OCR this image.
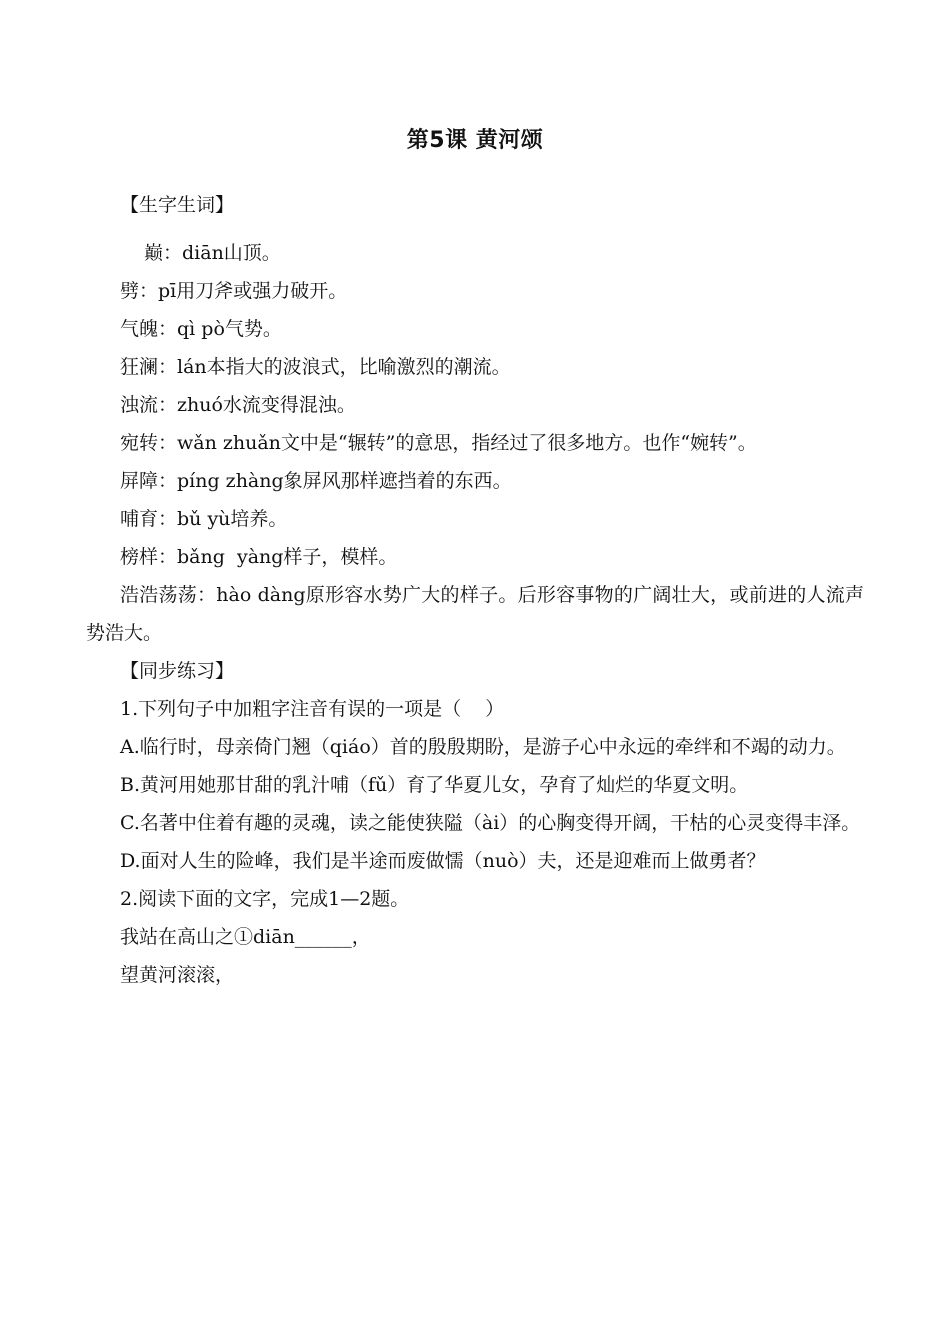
第5课 黄河颂

【生字生词】

巅：diān山顶。

劈：pī用刀斧或强力破开。

气魄：qì pò气势。

狂澜：lán本指大的波浪式，比喻激烈的潮流。

浊流：zhuó水流变得混浊。

宛转：wǎn zhuǎn文中是“辗转”的意思，指经过了很多地方。也作“婉转”。

屏障：píng zhàng象屏风那样遮挡着的东西。

哺育：bǔ yù培养。

榜样：bǎng  yàng样子，模样。

浩浩荡荡：hào dàng原形容水势广大的样子。后形容事物的广阔壮大，或前进的人流声势浩大。

【同步练习】

1.下列句子中加粗字注音有误的一项是（    ）

A.临行时，母亲倚门翘（qiáo）首的殷殷期盼，是游子心中永远的牵绊和不竭的动力。

B.黄河用她那甘甜的乳汁哺（fǔ）育了华夏儿女，孕育了灿烂的华夏文明。

C.名著中住着有趣的灵魂，读之能使狭隘（ài）的心胸变得开阔，干枯的心灵变得丰泽。

D.面对人生的险峰，我们是半途而废做懦（nuò）夫，还是迎难而上做勇者？

2.阅读下面的文字，完成1—2题。

我站在高山之①diān______，

望黄河滚滚，
